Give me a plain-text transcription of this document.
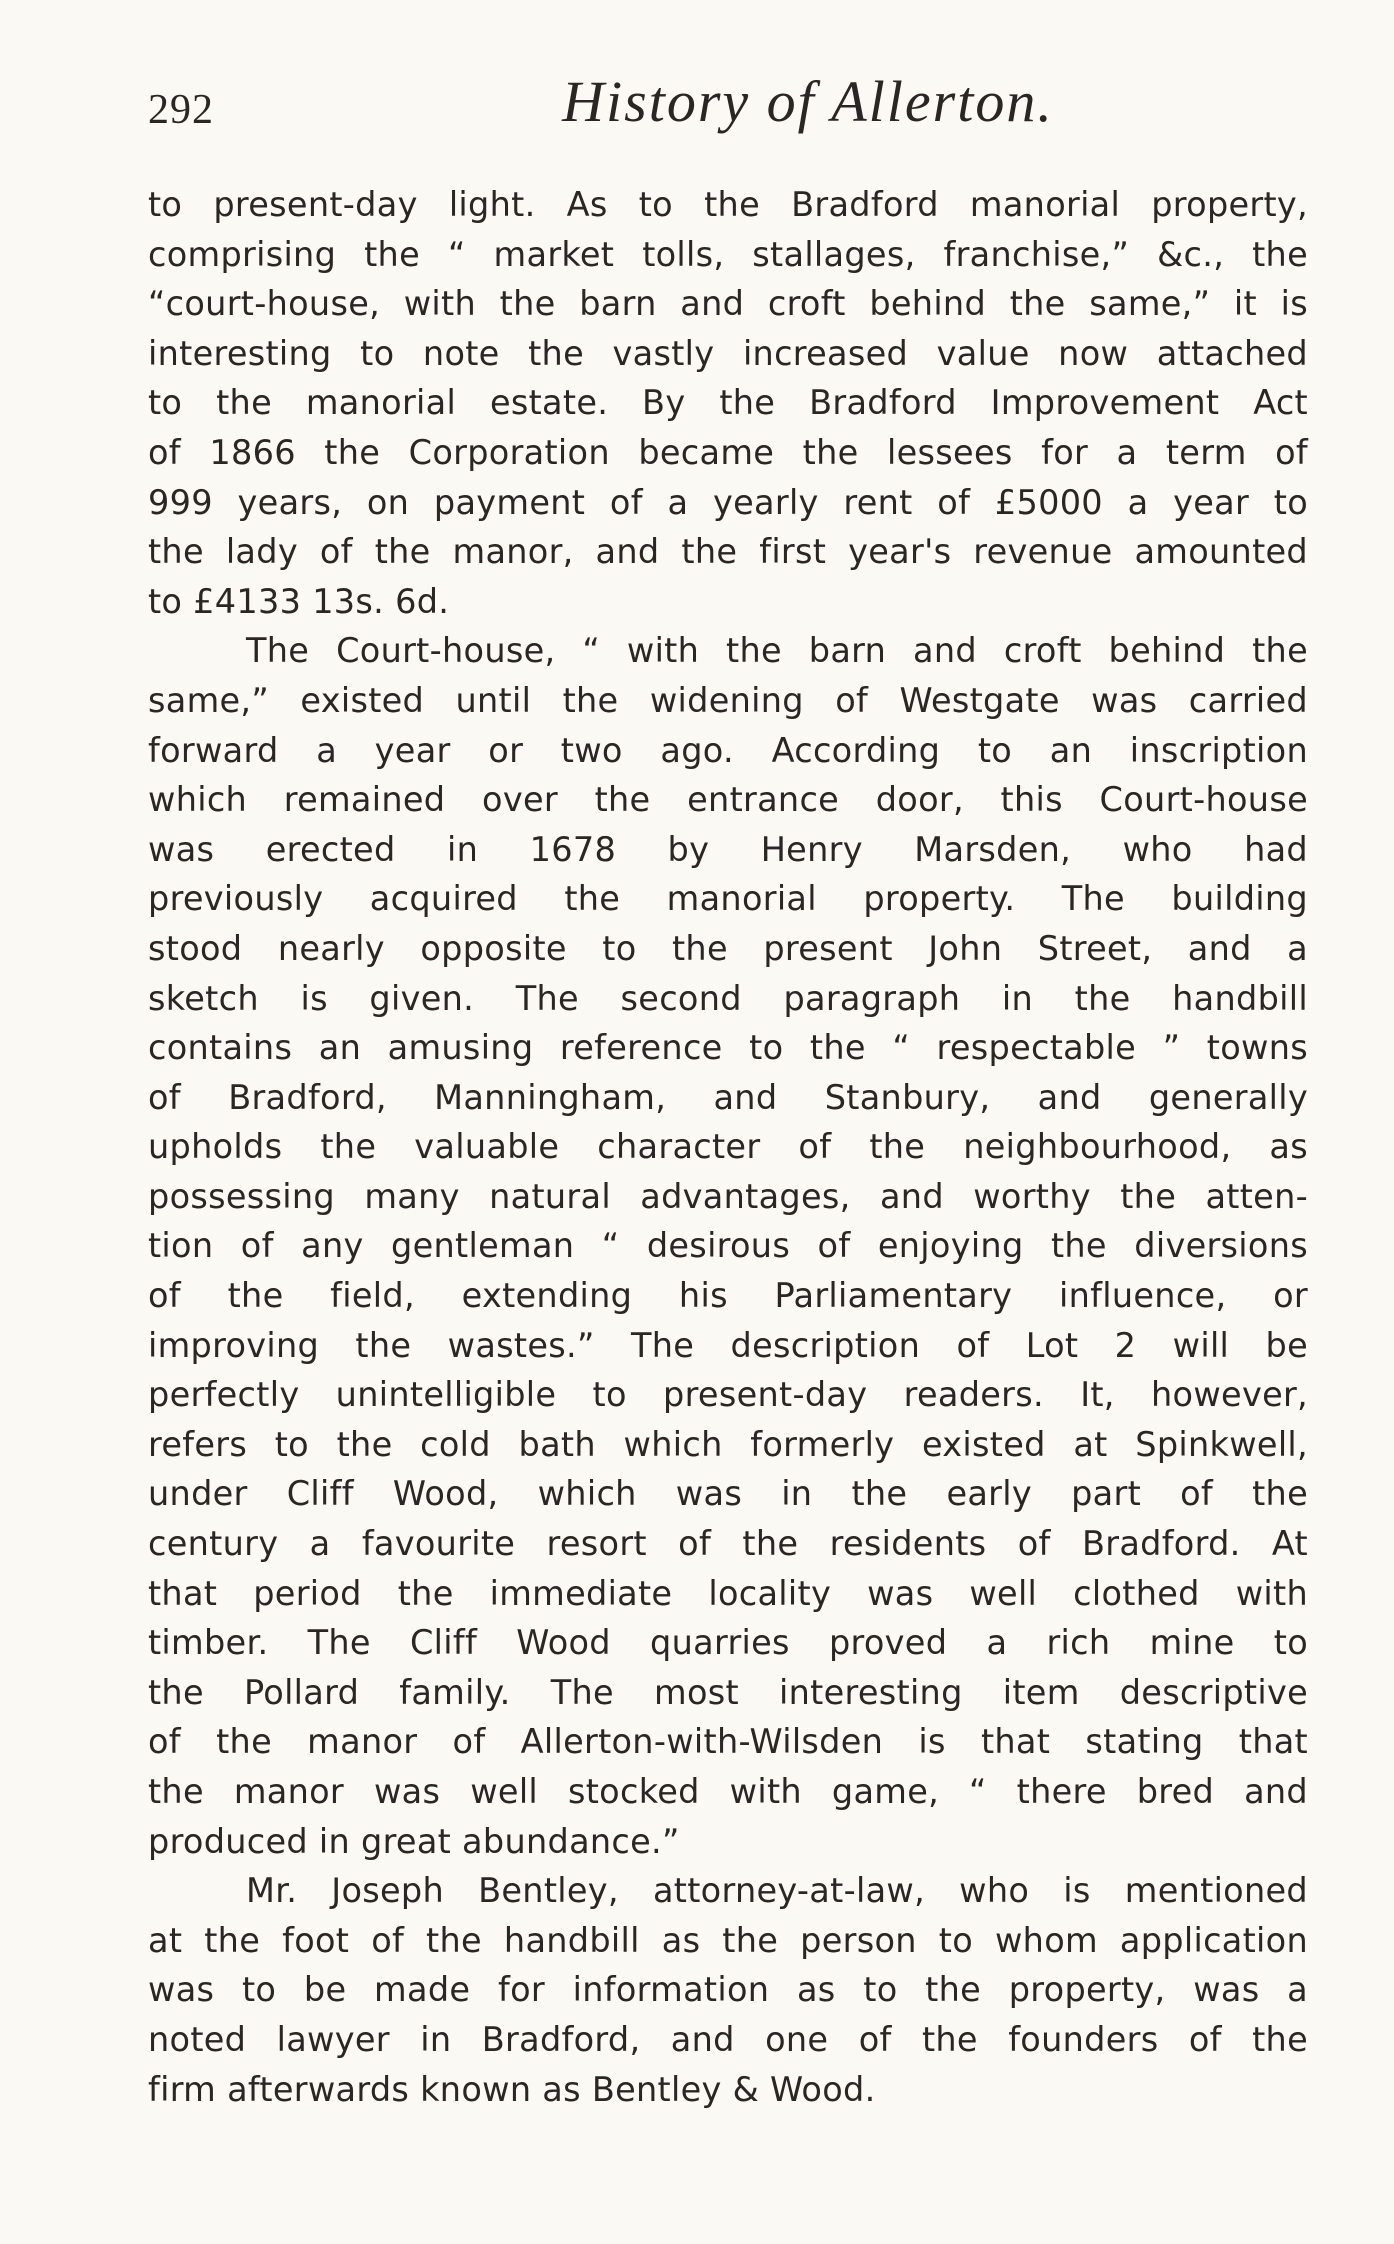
292	History of Allerton.
to present-day light. As to the Bradford manorial property,
comprising the “ market tolls, stallages, franchise,” &c., the
“court-house, with the barn and croft behind the same,” it is
interesting to note the vastly increased value now attached
to the manorial estate. By the Bradford Improvement Act
of 1866 the Corporation became the lessees for a term of
999 years, on payment of a yearly rent of £5000 a year to
the lady of the manor, and the first year's revenue amounted
to £4133 13s. 6d.
The Court-house, “ with the barn and croft behind the
same,” existed until the widening of Westgate was carried
forward a year or two ago. According to an inscription
which remained over the entrance door, this Court-house
was erected in 1678 by Henry Marsden, who had
previously acquired the manorial property. The building
stood nearly opposite to the present John Street, and a
sketch is given. The second paragraph in the handbill
contains an amusing reference to the “ respectable ” towns
of Bradford, Manningham, and Stanbury, and generally
upholds the valuable character of the neighbourhood, as
possessing many natural advantages, and worthy the atten-
tion of any gentleman “ desirous of enjoying the diversions
of the field, extending his Parliamentary influence, or
improving the wastes.” The description of Lot 2 will be
perfectly unintelligible to present-day readers. It, however,
refers to the cold bath which formerly existed at Spinkwell,
under Cliff Wood, which was in the early part of the
century a favourite resort of the residents of Bradford. At
that period the immediate locality was well clothed with
timber. The Cliff Wood quarries proved a rich mine to
the Pollard family. The most interesting item descriptive
of the manor of Allerton-with-Wilsden is that stating that
the manor was well stocked with game, “ there bred and
produced in great abundance.”
Mr. Joseph Bentley, attorney-at-law, who is mentioned
at the foot of the handbill as the person to whom application
was to be made for information as to the property, was a
noted lawyer in Bradford, and one of the founders of the
firm afterwards known as Bentley & Wood.
